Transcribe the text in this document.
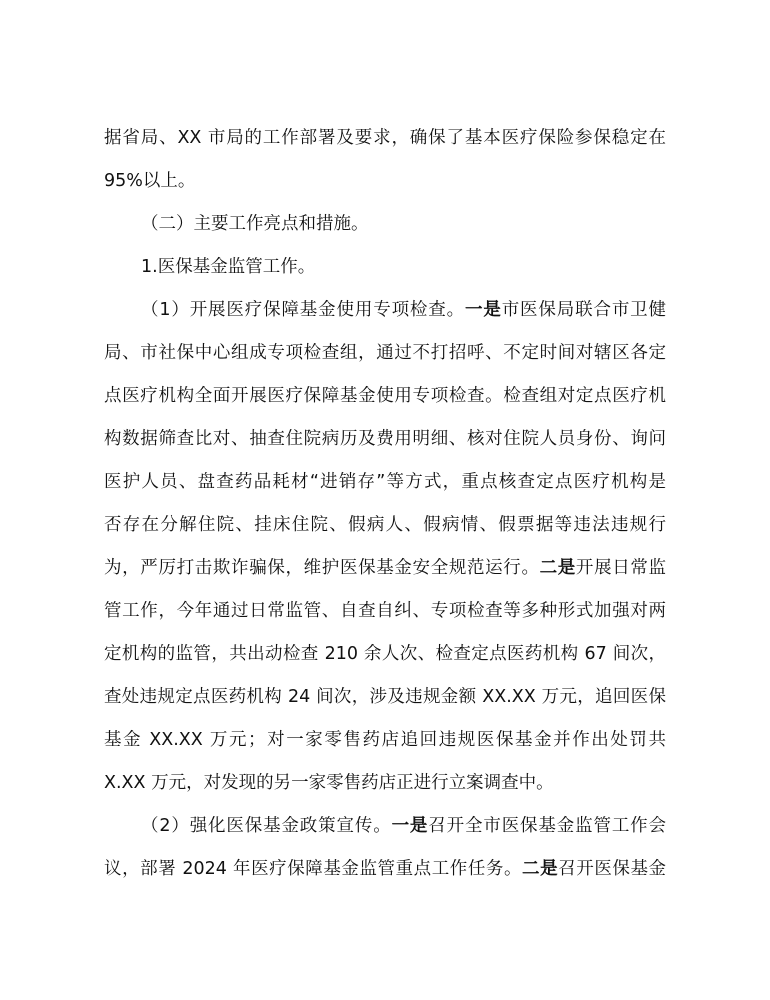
据省局、XX 市局的工作部署及要求，确保了基本医疗保险参保稳定在
95%以上。
（二）主要工作亮点和措施。
1.医保基金监管工作。
（1）开展医疗保障基金使用专项检查。一是市医保局联合市卫健
局、市社保中心组成专项检查组，通过不打招呼、不定时间对辖区各定
点医疗机构全面开展医疗保障基金使用专项检查。检查组对定点医疗机
构数据筛查比对、抽查住院病历及费用明细、核对住院人员身份、询问
医护人员、盘查药品耗材“进销存”等方式，重点核查定点医疗机构是
否存在分解住院、挂床住院、假病人、假病情、假票据等违法违规行
为，严厉打击欺诈骗保，维护医保基金安全规范运行。二是开展日常监
管工作，今年通过日常监管、自查自纠、专项检查等多种形式加强对两
定机构的监管，共出动检查 210 余人次、检查定点医药机构 67 间次，
查处违规定点医药机构 24 间次，涉及违规金额 XX.XX 万元，追回医保
基金 XX.XX 万元；对一家零售药店追回违规医保基金并作出处罚共
X.XX 万元，对发现的另一家零售药店正进行立案调查中。
（2）强化医保基金政策宣传。一是召开全市医保基金监管工作会
议，部署 2024 年医疗保障基金监管重点工作任务。二是召开医保基金
